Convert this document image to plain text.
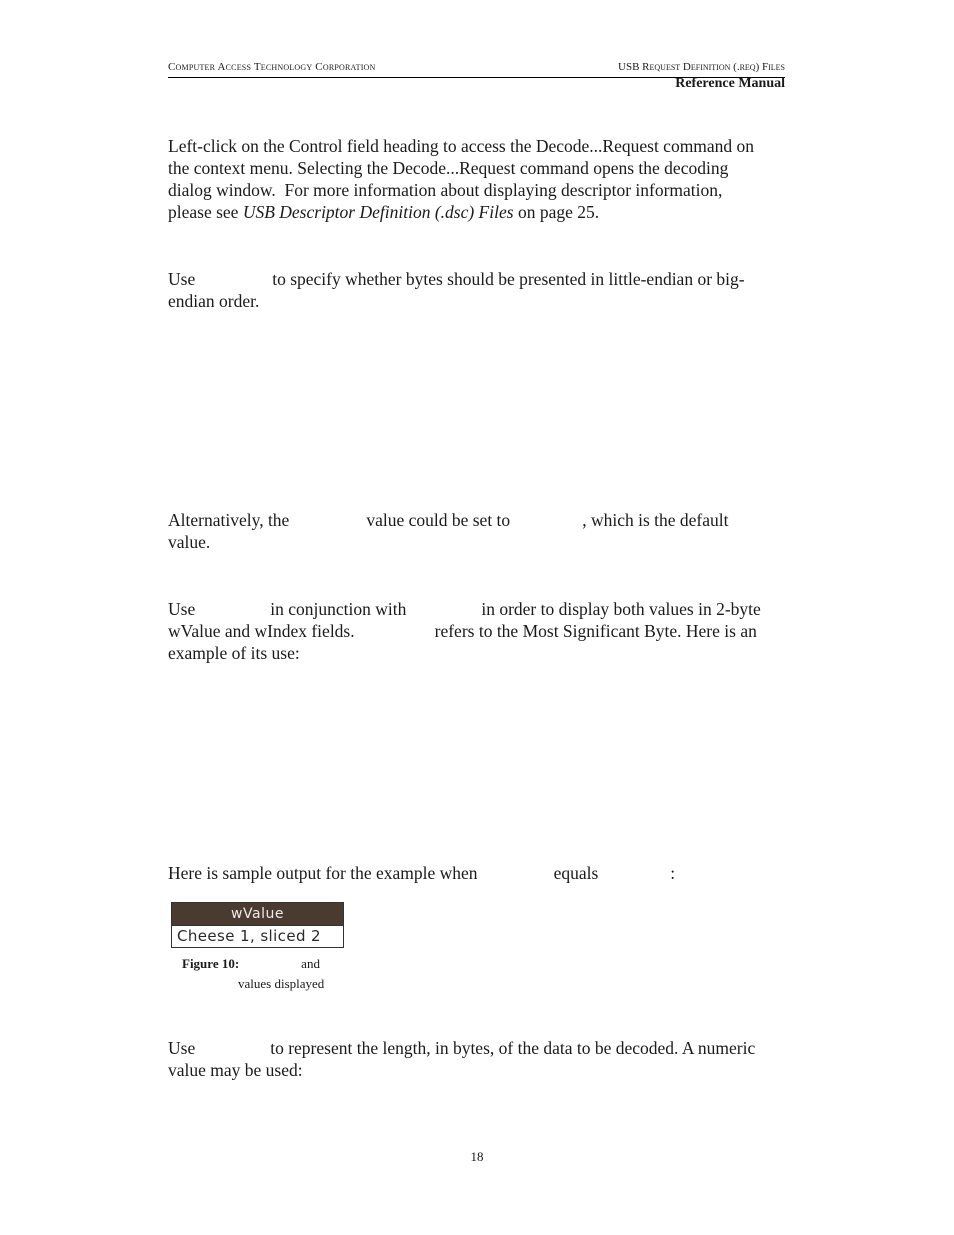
Computer Access Technology Corporation	USB Request Definition (.req) Files
Reference Manual
Left-click on the Control field heading to access the Decode...Request command on
the context menu. Selecting the Decode...Request command opens the decoding
dialog window.  For more information about displaying descriptor information,
please see USB Descriptor Definition (.dsc) Files on page 25.
Use	to specify whether bytes should be presented in little-endian or big-
endian order.
Alternatively, the	value could be set to	, which is the default
value.
Use	in conjunction with	in order to display both values in 2-byte
wValue and wIndex fields.	refers to the Most Significant Byte. Here is an
example of its use:
Here is sample output for the example when	equals	:
wValue
Cheese 1, sliced 2
Figure 10:	and
values displayed
Use	to represent the length, in bytes, of the data to be decoded. A numeric
value may be used:
18
